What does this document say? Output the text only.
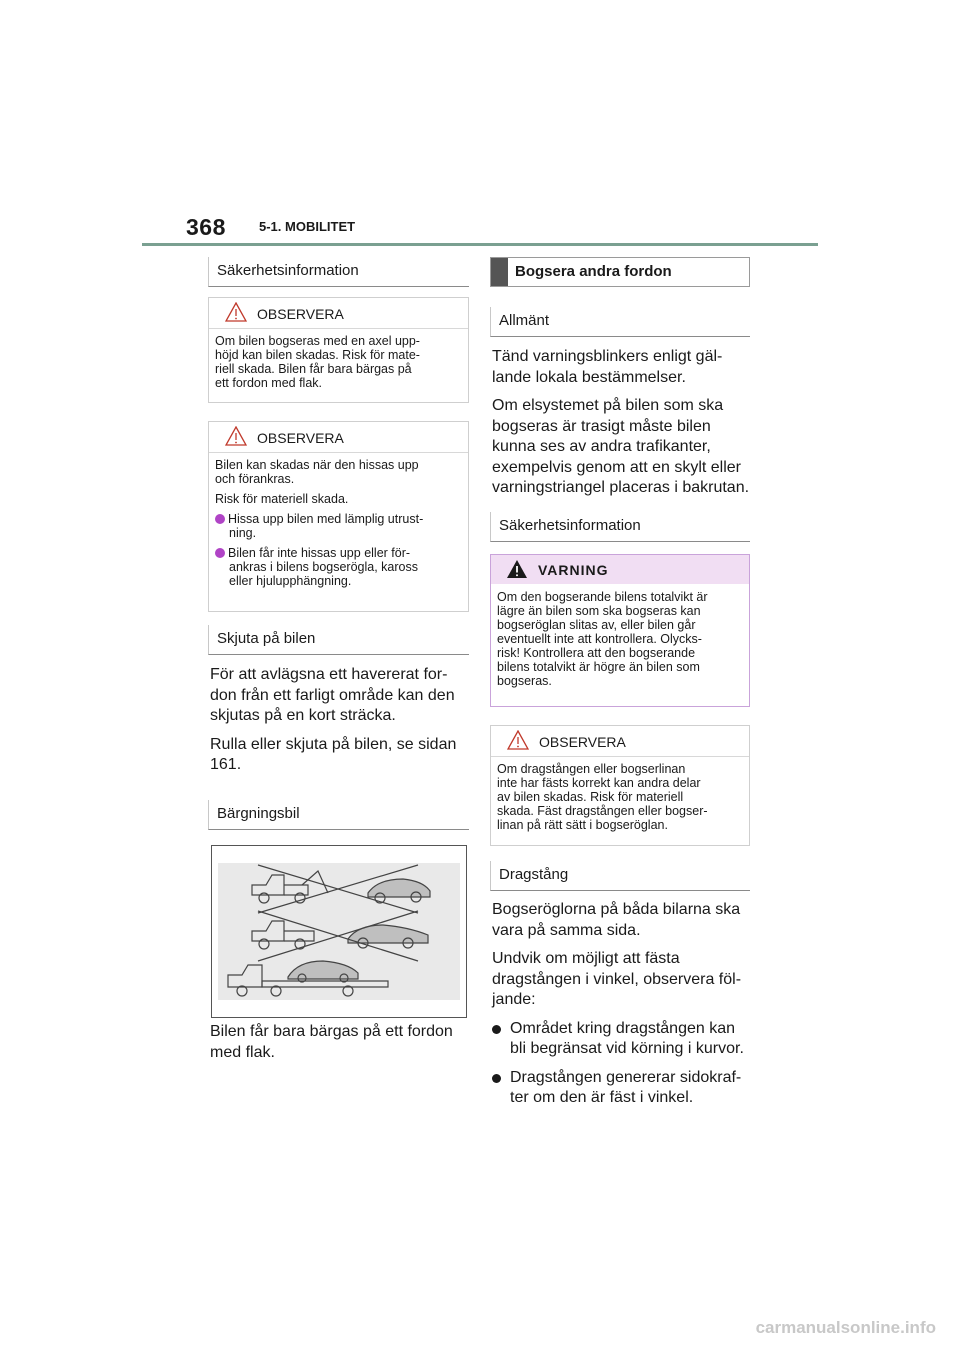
368	5-1. MOBILITET
Säkerhetsinformation
OBSERVERA
Om bilen bogseras med en axel upp-
höjd kan bilen skadas. Risk för mate-
riell skada. Bilen får bara bärgas på
ett fordon med flak.
OBSERVERA
Bilen kan skadas när den hissas upp
och förankras.
Risk för materiell skada.
Hissa upp bilen med lämplig utrust-
ning.
Bilen får inte hissas upp eller för-
ankras i bilens bogserögla, kaross
eller hjulupphängning.
Skjuta på bilen

För att avlägsna ett havererat for-
don från ett farligt område kan den
skjutas på en kort sträcka.

Rulla eller skjuta på bilen, se sidan
161.

Bärgningsbil
Bilen får bara bärgas på ett fordon
med flak.
Bogsera andra fordon
Allmänt

Tänd varningsblinkers enligt gäl-
lande lokala bestämmelser.

Om elsystemet på bilen som ska
bogseras är trasigt måste bilen
kunna ses av andra trafikanter,
exempelvis genom att en skylt eller
varningstriangel placeras i bakrutan.

Säkerhetsinformation
VARNING
Om den bogserande bilens totalvikt är
lägre än bilen som ska bogseras kan
bogseröglan slitas av, eller bilen går
eventuellt inte att kontrollera. Olycks-
risk! Kontrollera att den bogserande
bilens totalvikt är högre än bilen som
bogseras.
OBSERVERA
Om dragstången eller bogserlinan
inte har fästs korrekt kan andra delar
av bilen skadas. Risk för materiell
skada. Fäst dragstången eller bogser-
linan på rätt sätt i bogseröglan.
Dragstång

Bogseröglorna på båda bilarna ska
vara på samma sida.

Undvik om möjligt att fästa
dragstången i vinkel, observera föl-
jande:

Området kring dragstången kan
bli begränsat vid körning i kurvor.
Dragstången genererar sidokraf-
ter om den är fäst i vinkel.
carmanualsonline.info
